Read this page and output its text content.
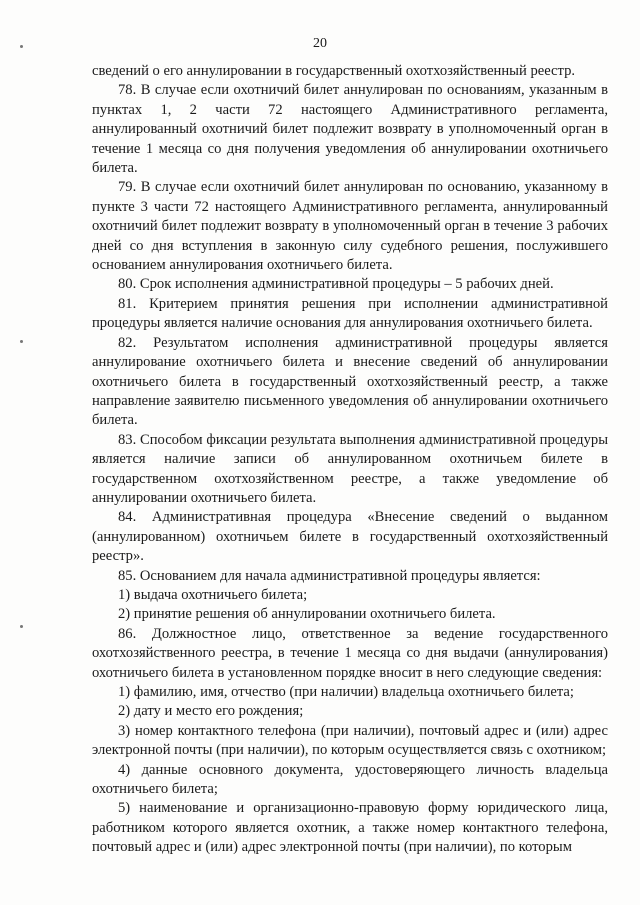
20

сведений о его аннулировании в государственный охотхозяйственный реестр.

78. В случае если охотничий билет аннулирован по основаниям, указанным в пунктах 1, 2 части 72 настоящего Административного регламента, аннулированный охотничий билет подлежит возврату в уполномоченный орган в течение 1 месяца со дня получения уведомления об аннулировании охотничьего билета.

79. В случае если охотничий билет аннулирован по основанию, указанному в пункте 3 части 72 настоящего Административного регламента, аннулированный охотничий билет подлежит возврату в уполномоченный орган в течение 3 рабочих дней со дня вступления в законную силу судебного решения, послужившего основанием аннулирования охотничьего билета.

80. Срок исполнения административной процедуры – 5 рабочих дней.

81. Критерием принятия решения при исполнении административной процедуры является наличие основания для аннулирования охотничьего билета.

82. Результатом исполнения административной процедуры является аннулирование охотничьего билета и внесение сведений об аннулировании охотничьего билета в государственный охотхозяйственный реестр, а также направление заявителю письменного уведомления об аннулировании охотничьего билета.

83. Способом фиксации результата выполнения административной процедуры является наличие записи об аннулированном охотничьем билете в государственном охотхозяйственном реестре, а также уведомление об аннулировании охотничьего билета.

84. Административная процедура «Внесение сведений о выданном (аннулированном) охотничьем билете в государственный охотхозяйственный реестр».

85. Основанием для начала административной процедуры является:

1) выдача охотничьего билета;

2) принятие решения об аннулировании охотничьего билета.

86. Должностное лицо, ответственное за ведение государственного охотхозяйственного реестра, в течение 1 месяца со дня выдачи (аннулирования) охотничьего билета в установленном порядке вносит в него следующие сведения:

1) фамилию, имя, отчество (при наличии) владельца охотничьего билета;

2) дату и место его рождения;

3) номер контактного телефона (при наличии), почтовый адрес и (или) адрес электронной почты (при наличии), по которым осуществляется связь с охотником;

4) данные основного документа, удостоверяющего личность владельца охотничьего билета;

5) наименование и организационно-правовую форму юридического лица, работником которого является охотник, а также номер контактного телефона, почтовый адрес и (или) адрес электронной почты (при наличии), по которым
